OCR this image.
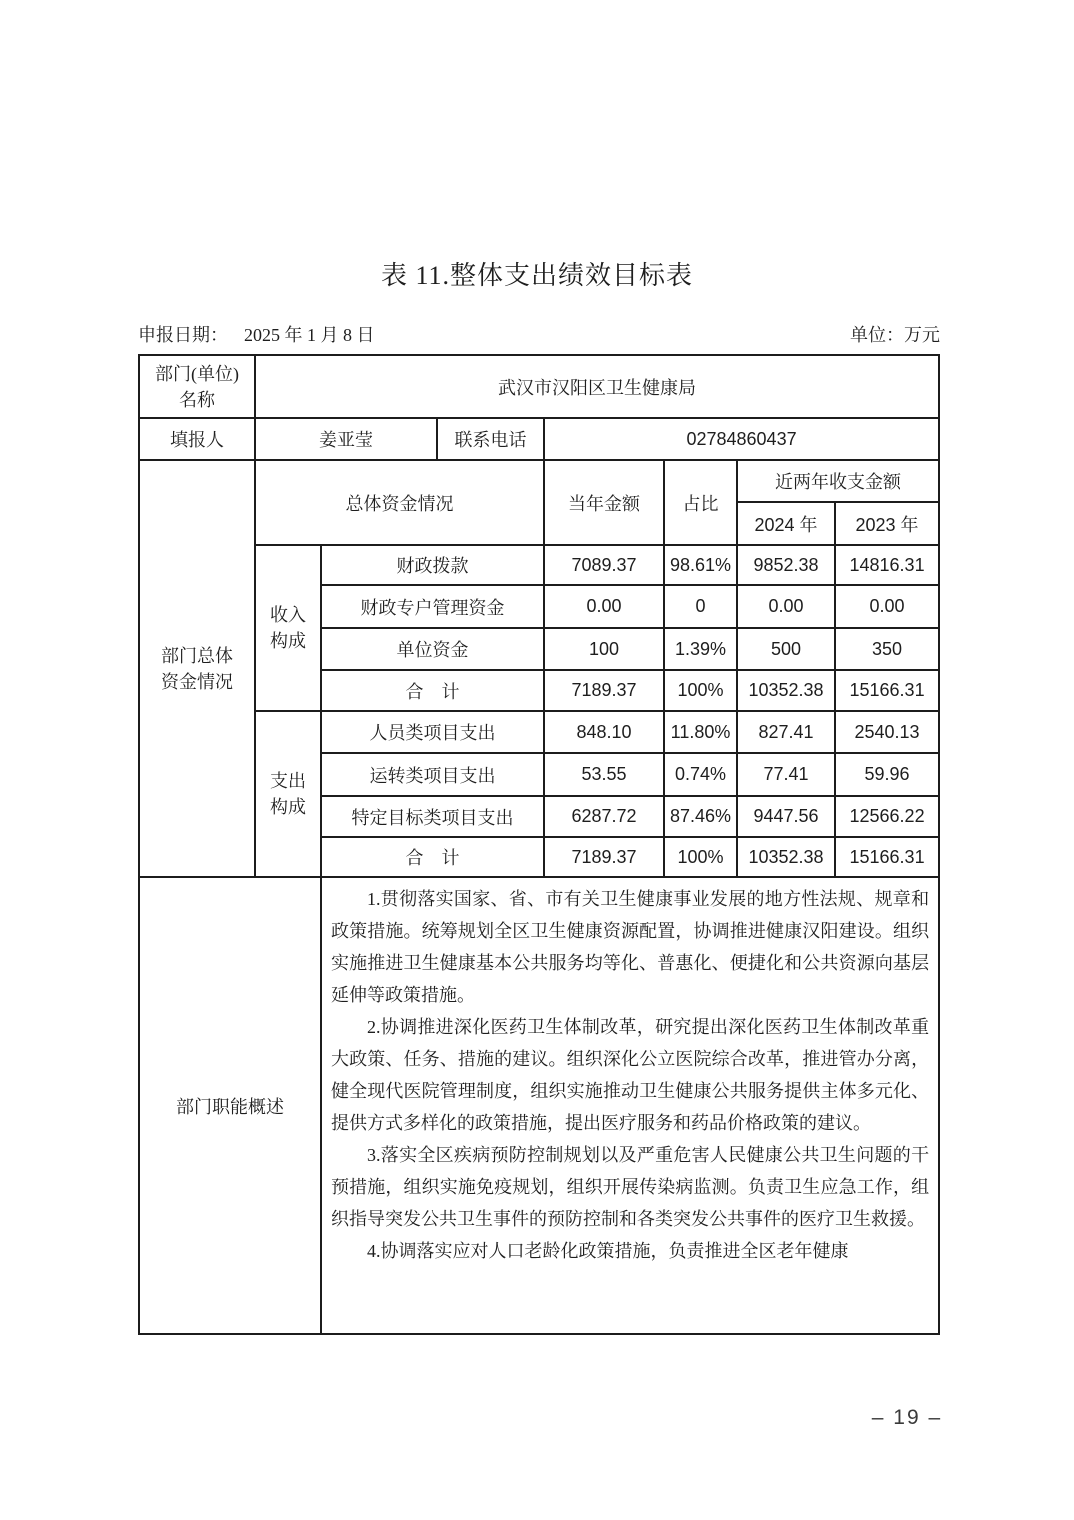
表 11.整体支出绩效目标表
申报日期： 2025 年 1 月 8 日	单位：万元
部门(单位)
名称	武汉市汉阳区卫生健康局						
填报人	姜亚莹		联系电话	02784860437			
部门总体
资金情况	总体资金情况			当年金额	占比	近两年收支金额	
						2024 年	2023 年
	收入
构成	财政拨款		7089.37	98.61%	9852.38	14816.31
		财政专户管理资金		0.00	0	0.00	0.00
		单位资金		100	1.39%	500	350
		合　计		7189.37	100%	10352.38	15166.31
	支出
构成	人员类项目支出		848.10	11.80%	827.41	2540.13
		运转类项目支出		53.55	0.74%	77.41	59.96
		特定目标类项目支出		6287.72	87.46%	9447.56	12566.22
		合　计		7189.37	100%	10352.38	15166.31
部门职能概述		1.贯彻落实国家、省、市有关卫生健康事业发展的地方性法规、规章和政策措施。统筹规划全区卫生健康资源配置，协调推进健康汉阳建设。组织实施推进卫生健康基本公共服务均等化、普惠化、便捷化和公共资源向基层延伸等政策措施。

2.协调推进深化医药卫生体制改革，研究提出深化医药卫生体制改革重大政策、任务、措施的建议。组织深化公立医院综合改革，推进管办分离，健全现代医院管理制度，组织实施推动卫生健康公共服务提供主体多元化、提供方式多样化的政策措施，提出医疗服务和药品价格政策的建议。

3.落实全区疾病预防控制规划以及严重危害人民健康公共卫生问题的干预措施，组织实施免疫规划，组织开展传染病监测。负责卫生应急工作，组织指导突发公共卫生事件的预防控制和各类突发公共事件的医疗卫生救援。

4.协调落实应对人口老龄化政策措施，负责推进全区老年健康					

– 19 –
